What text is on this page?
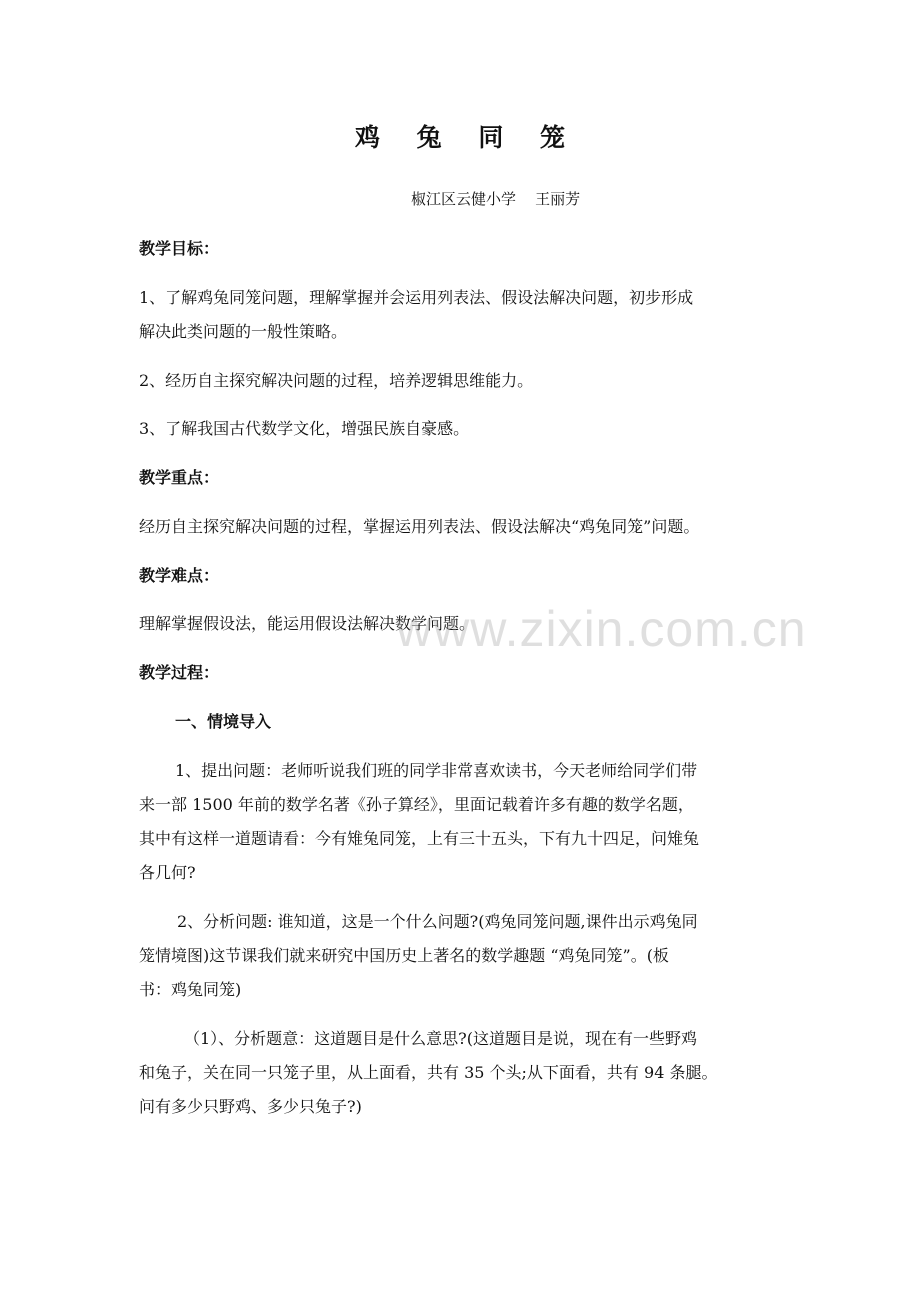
鸡 兔 同 笼
椒江区云健小学    王丽芳
教学目标：
1、了解鸡兔同笼问题，理解掌握并会运用列表法、假设法解决问题，初步形成
解决此类问题的一般性策略。
2、经历自主探究解决问题的过程，培养逻辑思维能力。
3、了解我国古代数学文化，增强民族自豪感。
教学重点：
经历自主探究解决问题的过程，掌握运用列表法、假设法解决“鸡兔同笼”问题。
教学难点：
理解掌握假设法，能运用假设法解决数学问题。
教学过程：
一、情境导入
1、提出问题：老师听说我们班的同学非常喜欢读书，今天老师给同学们带
来一部 1500 年前的数学名著《孙子算经》，里面记载着许多有趣的数学名题，
其中有这样一道题请看：今有雉兔同笼，上有三十五头，下有九十四足，问雉兔
各几何?
2、分析问题: 谁知道，这是一个什么问题?(鸡兔同笼问题,课件出示鸡兔同
笼情境图)这节课我们就来研究中国历史上著名的数学趣题 “鸡兔同笼”。(板
书：鸡兔同笼)
（1）、分析题意：这道题目是什么意思?(这道题目是说，现在有一些野鸡
和兔子，关在同一只笼子里，从上面看，共有 35 个头;从下面看，共有 94 条腿。
问有多少只野鸡、多少只兔子?)
www.zixin.com.cn
